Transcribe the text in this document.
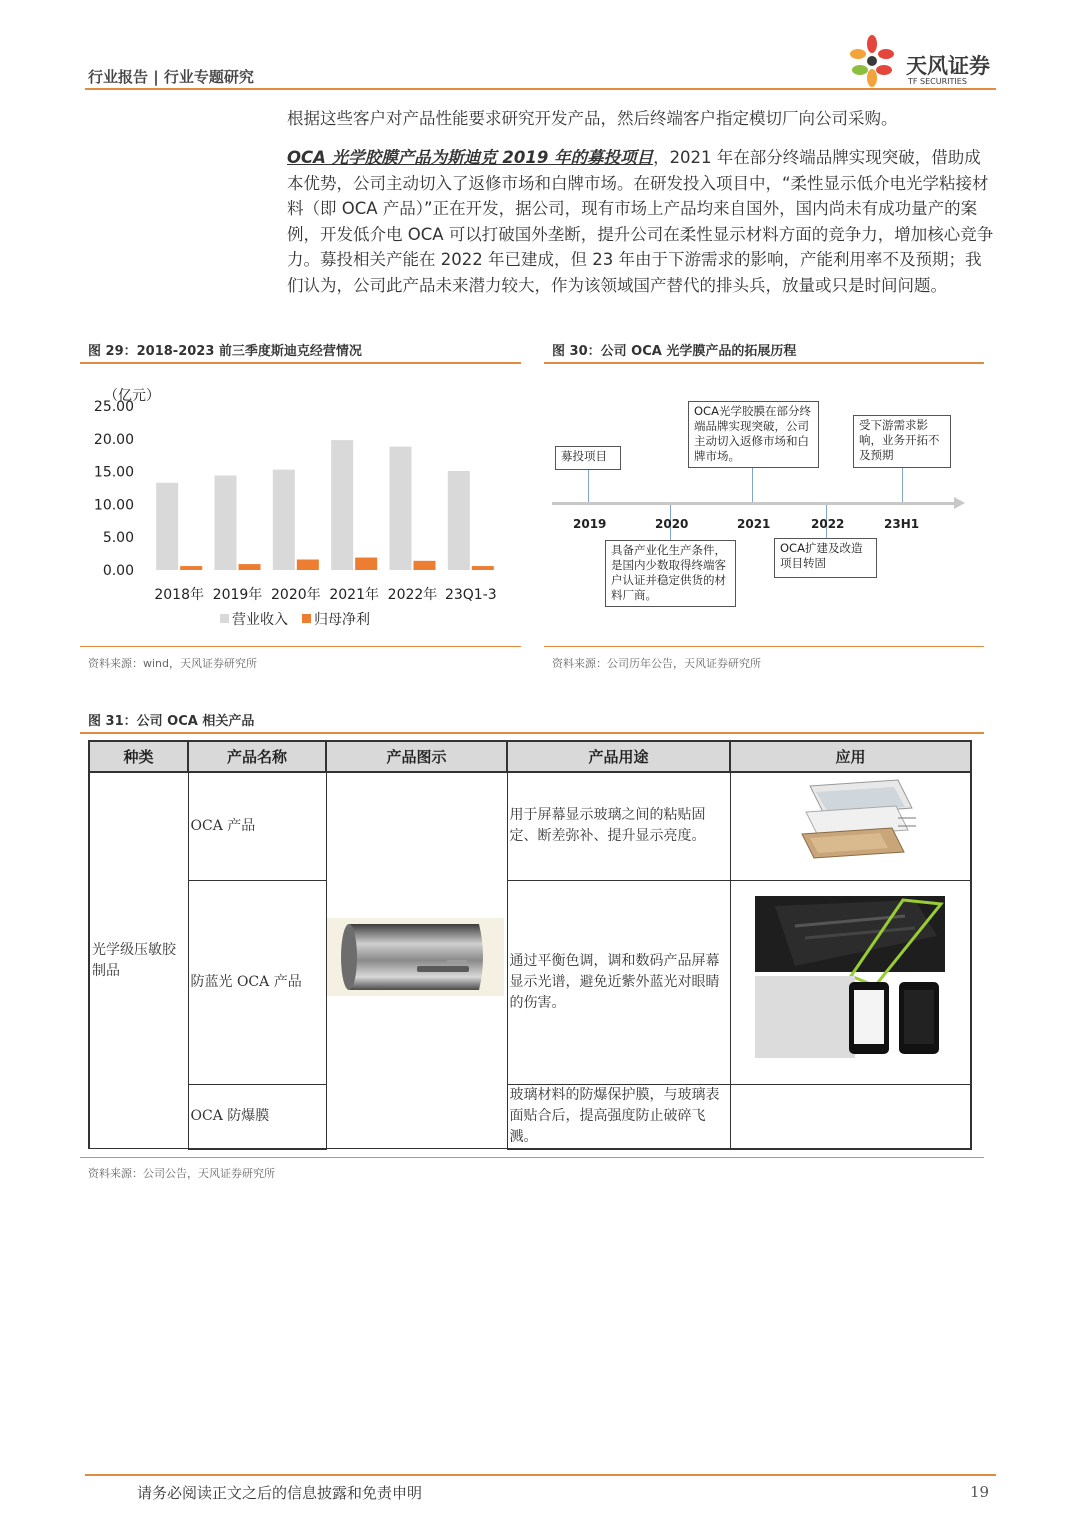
行业报告 | 行业专题研究	天风证券
TF SECURITIES

根据这些客户对产品性能要求研究开发产品，然后终端客户指定模切厂向公司采购。

OCA 光学胶膜产品为斯迪克 2019 年的募投项目，2021 年在部分终端品牌实现突破，借助成本优势，公司主动切入了返修市场和白牌市场。在研发投入项目中，“柔性显示低介电光学粘接材料（即 OCA 产品）”正在开发，据公司，现有市场上产品均来自国外，国内尚未有成功量产的案例，开发低介电 OCA 可以打破国外垄断，提升公司在柔性显示材料方面的竞争力，增加核心竞争力。募投相关产能在 2022 年已建成，但 23 年由于下游需求的影响，产能利用率不及预期；我们认为，公司此产品未来潜力较大，作为该领域国产替代的排头兵，放量或只是时间问题。

图 29：2018-2023 前三季度斯迪克经营情况
（亿元）
0.00
5.00
10.00
15.00
20.00
25.00
2018年 2019年 2020年 2021年 2022年 23Q1-3
营业收入 归母净利
资料来源：wind，天风证券研究所
图 30：公司 OCA 光学膜产品的拓展历程
2019	2020	2021	2022	23H1
募投项目
OCA光学胶膜在部分终端品牌实现突破，公司主动切入返修市场和白牌市场。
受下游需求影响，业务开拓不及预期
具备产业化生产条件，是国内少数取得终端客户认证并稳定供货的材料厂商。
OCA扩建及改造项目转固
资料来源：公司历年公告，天风证券研究所
图 31：公司 OCA 相关产品
种类	产品名称	产品图示	产品用途	应用
光学级压敏胶制品	OCA 产品		用于屏幕显示玻璃之间的粘贴固定、断差弥补、提升显示亮度。	
	防蓝光 OCA 产品		通过平衡色调，调和数码产品屏幕显示光谱，避免近紫外蓝光对眼睛的伤害。	
	OCA 防爆膜		玻璃材料的防爆保护膜，与玻璃表面贴合后，提高强度防止破碎飞溅。	
资料来源：公司公告，天风证券研究所
请务必阅读正文之后的信息披露和免责申明	19
